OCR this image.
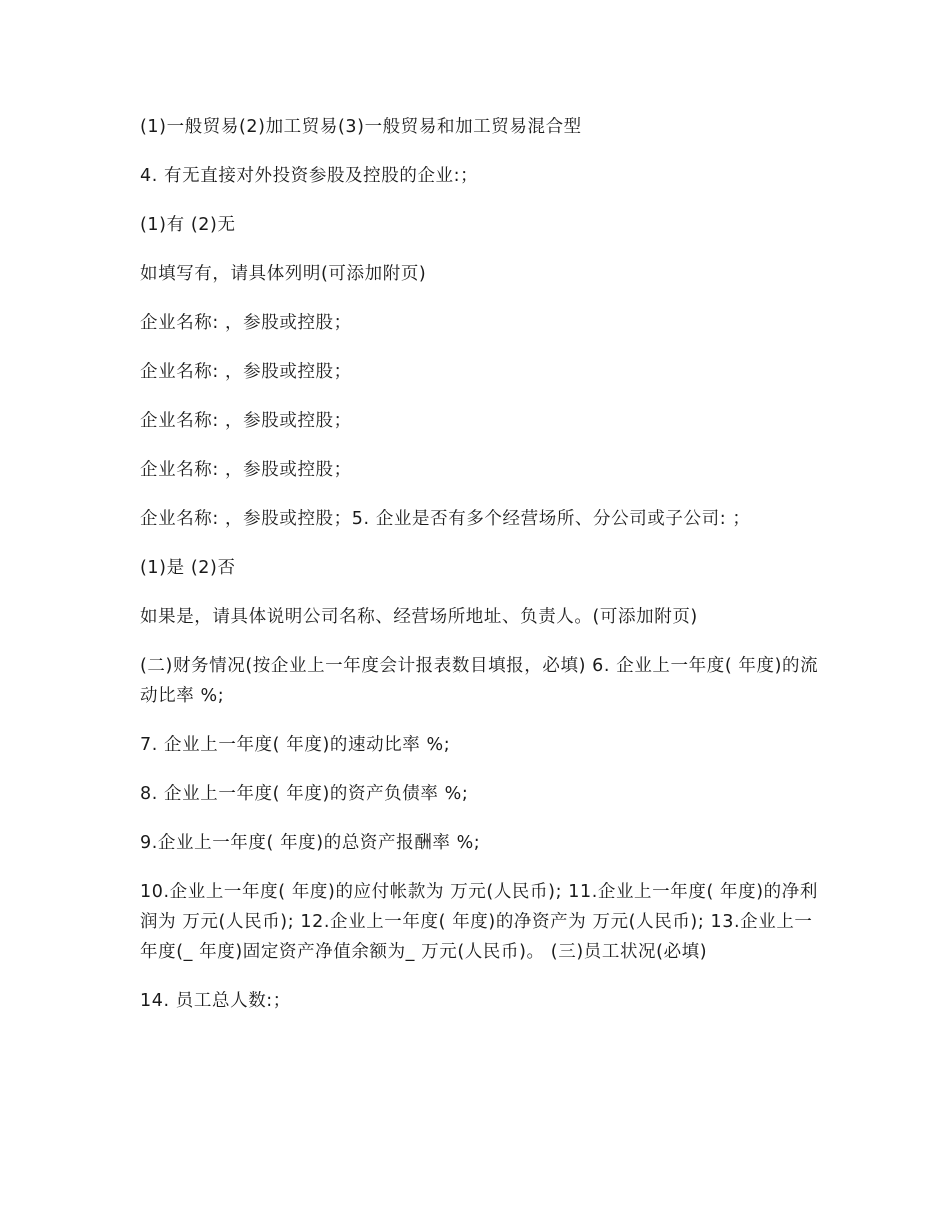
(1)一般贸易(2)加工贸易(3)一般贸易和加工贸易混合型

4. 有无直接对外投资参股及控股的企业:；

(1)有 (2)无

如填写有，请具体列明(可添加附页)

企业名称: ，参股或控股；

企业名称: ，参股或控股；

企业名称: ，参股或控股；

企业名称: ，参股或控股；

企业名称: ，参股或控股；5. 企业是否有多个经营场所、分公司或子公司: ；

(1)是 (2)否

如果是，请具体说明公司名称、经营场所地址、负责人。(可添加附页)

(二)财务情况(按企业上一年度会计报表数目填报，必填) 6. 企业上一年度( 年度)的流动比率 %;

7. 企业上一年度( 年度)的速动比率 %;

8. 企业上一年度( 年度)的资产负债率 %;

9.企业上一年度( 年度)的总资产报酬率 %;

10.企业上一年度( 年度)的应付帐款为 万元(人民币); 11.企业上一年度( 年度)的净利润为 万元(人民币); 12.企业上一年度( 年度)的净资产为 万元(人民币); 13.企业上一年度(_ 年度)固定资产净值余额为_ 万元(人民币)。 (三)员工状况(必填)

14. 员工总人数:；
